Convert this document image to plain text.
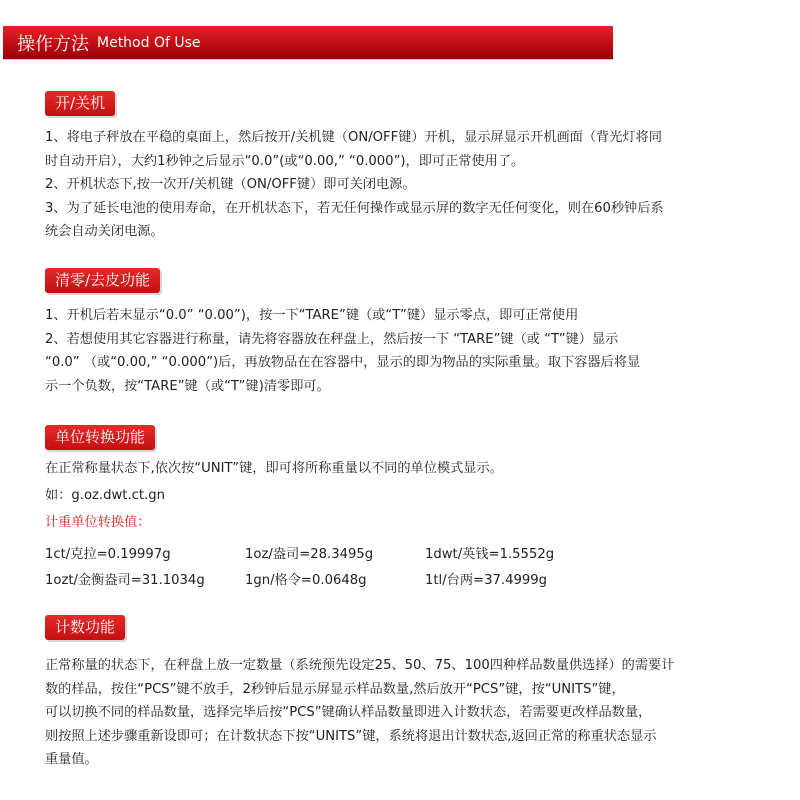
操作方法 Method Of Use
开/关机
1、将电子秤放在平稳的桌面上，然后按开/关机键（ON/OFF键）开机，显示屏显示开机画面（背光灯将同
时自动开启），大约1秒钟之后显示“0.0”(或“0.00,” “0.000”)，即可正常使用了。
2、开机状态下,按一次开/关机键（ON/OFF键）即可关闭电源。
3、为了延长电池的使用寿命，在开机状态下，若无任何操作或显示屏的数字无任何变化，则在60秒钟后系
统会自动关闭电源。
清零/去皮功能
1、开机后若末显示“0.0” “0.00”)，按一下“TARE”键（或“T”键）显示零点，即可正常使用
2、若想使用其它容器进行称量，请先将容器放在秤盘上，然后按一下 “TARE”键（或 “T”键）显示
“0.0” （或“0.00,” “0.000”)后，再放物品在在容器中，显示的即为物品的实际重量。取下容器后将显
示一个负数，按“TARE”键（或“T”键)清零即可。
单位转换功能
在正常称量状态下,依次按“UNIT”键，即可将所称重量以不同的单位模式显示。
如：g.oz.dwt.ct.gn
计重单位转换值：
1ct/克拉=0.19997g	1oz/盎司=28.3495g	1dwt/英钱=1.5552g
1ozt/金衡盎司=31.1034g	1gn/格令=0.0648g	1tl/台两=37.4999g
计数功能
正常称量的状态下，在秤盘上放一定数量（系统预先设定25、50、75、100四种样品数量供选择）的需要计
数的样品，按住“PCS”键不放手，2秒钟后显示屏显示样品数量,然后放开“PCS”键，按“UNITS”键，
可以切换不同的样品数量，选择完毕后按“PCS”键确认样品数量即进入计数状态，若需要更改样品数量，
则按照上述步骤重新设即可；在计数状态下按“UNITS”键，系统将退出计数状态,返回正常的称重状态显示
重量值。
